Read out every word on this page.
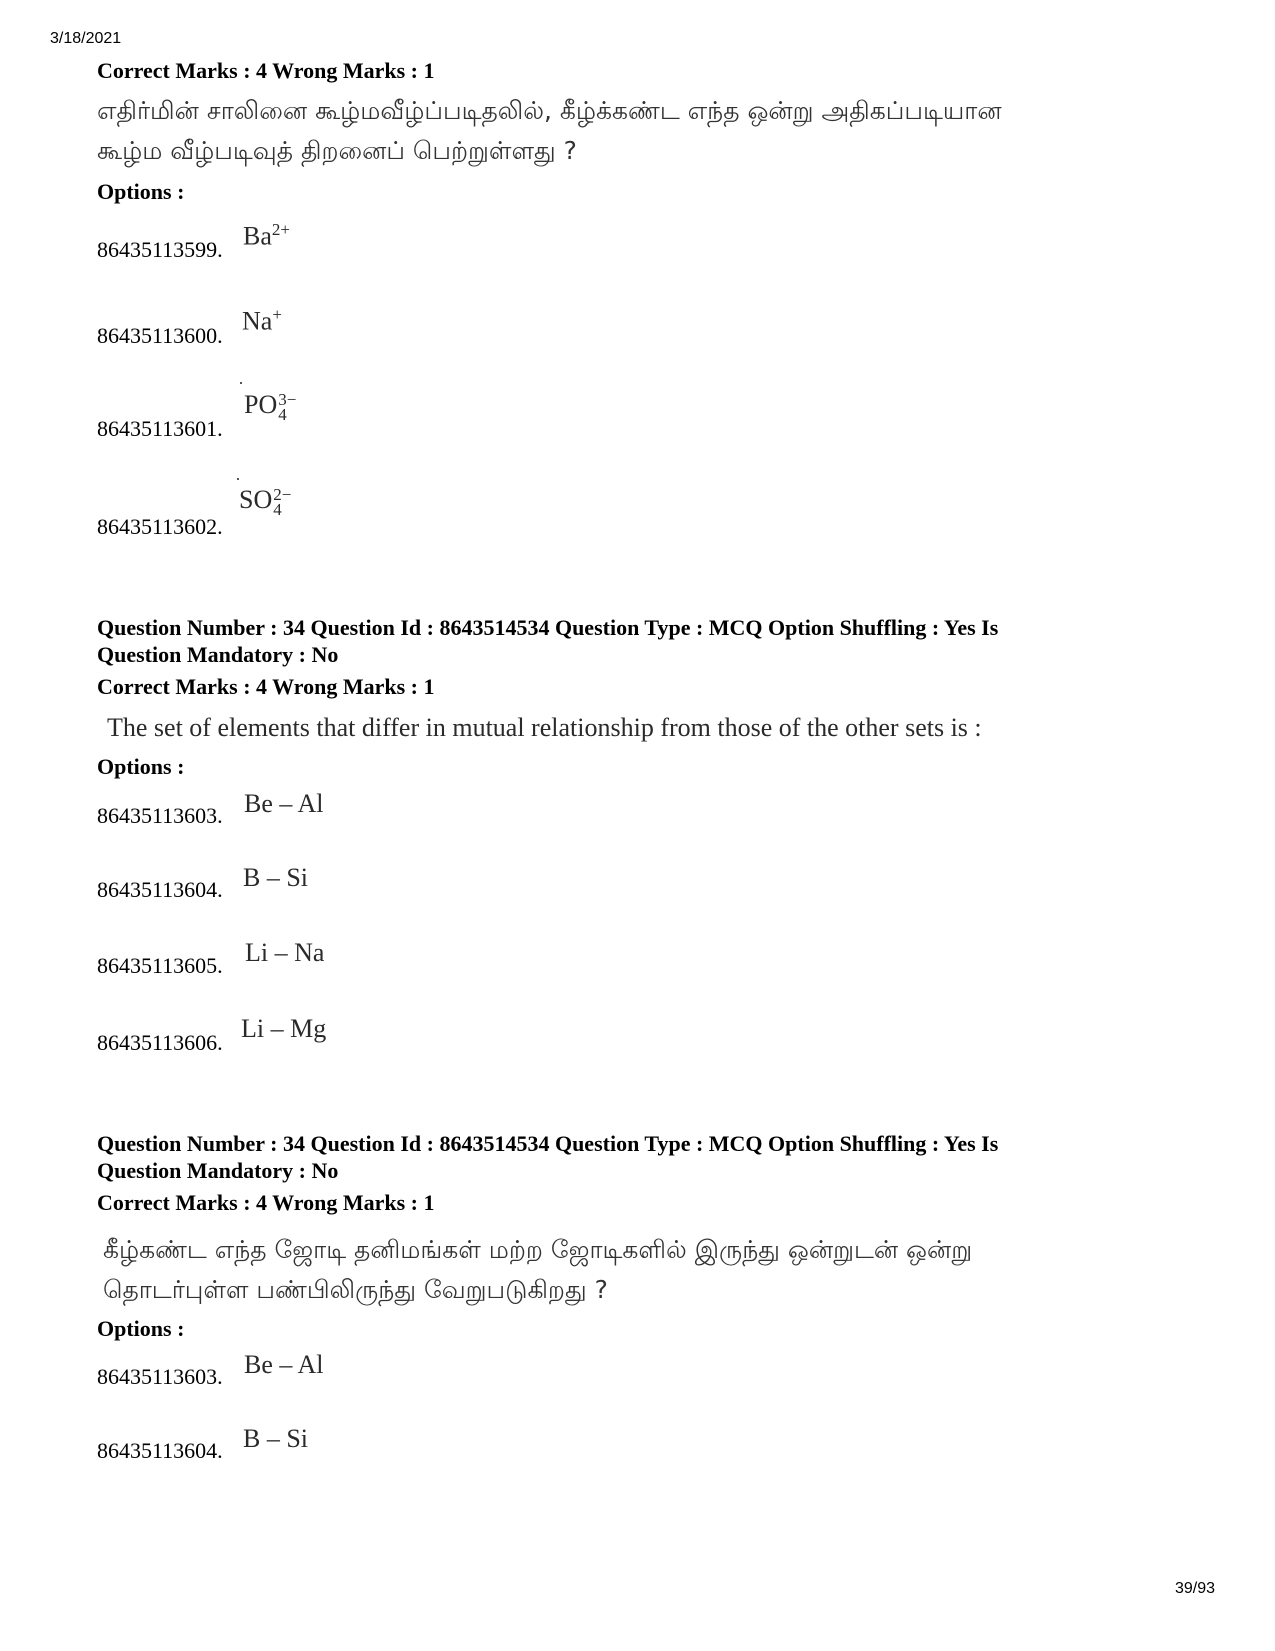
3/18/2021
Correct Marks : 4 Wrong Marks : 1
எதிர்மின் சாலினை கூழ்மவீழ்ப்படிதலில், கீழ்க்கண்ட எந்த ஒன்று அதிகப்படியான
கூழ்ம வீழ்படிவுத் திறனைப் பெற்றுள்ளது ?
Options :
86435113599. $Ba^{2+}$
86435113600. Na+
86435113601.
PO 3−
4
86435113602.
SO 2−
4
Question Number : 34 Question Id : 8643514534 Question Type : MCQ Option Shuffling : Yes Is
Question Mandatory : No
Correct Marks : 4 Wrong Marks : 1
The set of elements that differ in mutual relationship from those of the other sets is :
Options :
86435113603. Be – Al
86435113604. B – Si
86435113605. Li – Na
86435113606. Li – Mg
Question Number : 34 Question Id : 8643514534 Question Type : MCQ Option Shuffling : Yes Is
Question Mandatory : No
Correct Marks : 4 Wrong Marks : 1
கீழ்கண்ட எந்த ஜோடி தனிமங்கள் மற்ற ஜோடிகளில் இருந்து ஒன்றுடன் ஒன்று
தொடர்புள்ள பண்பிலிருந்து வேறுபடுகிறது ?
Options :
86435113603. Be – Al
86435113604. B – Si
39/93
